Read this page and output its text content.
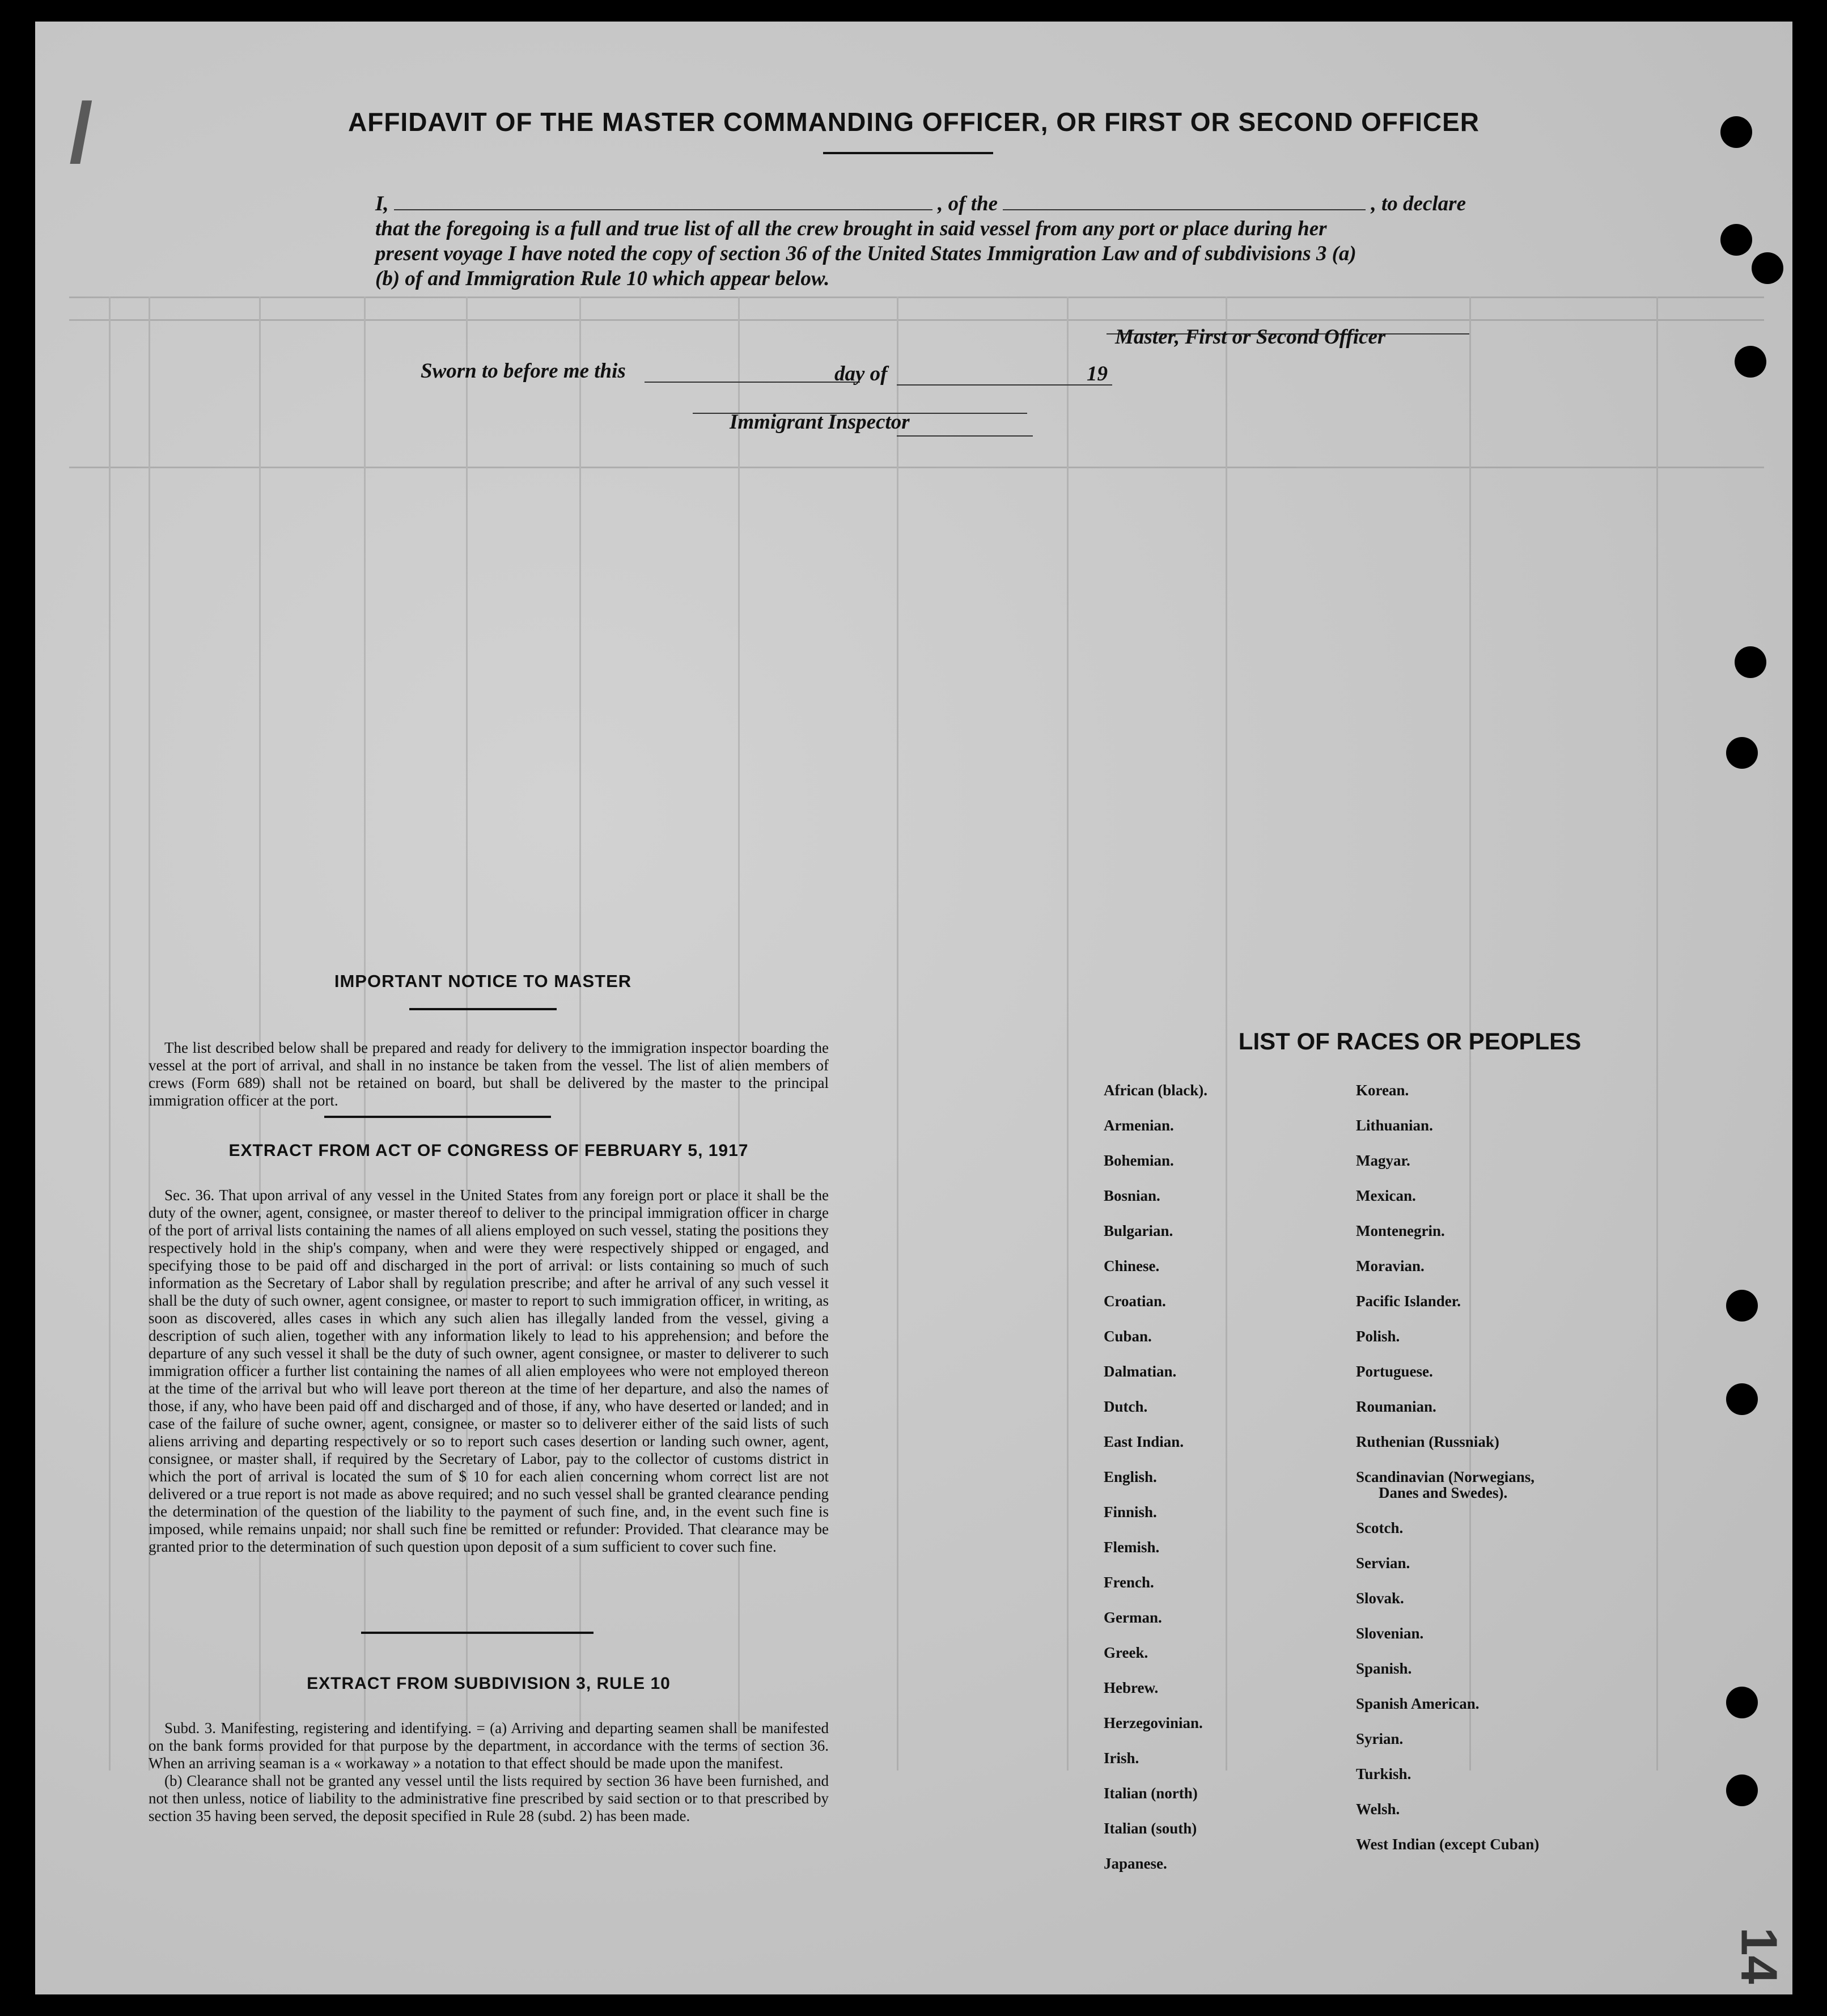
/	AFFIDAVIT OF THE MASTER COMMANDING OFFICER, OR FIRST OR SECOND OFFICER
I,	, of the	, to declare
that the foregoing is a full and true list of all the crew brought in said vessel from any port or place during her
present voyage I have noted the copy of section 36 of the United States Immigration Law and of subdivisions 3 (a)
(b) of and Immigration Rule 10 which appear below.
Master, First or Second Officer
Sworn to before me this	day of	19
Immigrant Inspector
IMPORTANT NOTICE TO MASTER

The list described below shall be prepared and ready for delivery to the immigration inspector boarding the vessel at the port of arrival, and shall in no instance be taken from the vessel. The list of alien members of crews (Form 689) shall not be retained on board, but shall be delivered by the master to the principal immigration officer at the port.

EXTRACT FROM ACT OF CONGRESS OF FEBRUARY 5, 1917

Sec. 36. That upon arrival of any vessel in the United States from any foreign port or place it shall be the duty of the owner, agent, consignee, or master thereof to deliver to the principal immigration officer in charge of the port of arrival lists containing the names of all aliens employed on such vessel, stating the positions they respectively hold in the ship's company, when and were they were respectively shipped or engaged, and specifying those to be paid off and discharged in the port of arrival: or lists containing so much of such information as the Secretary of Labor shall by regulation prescribe; and after he arrival of any such vessel it shall be the duty of such owner, agent consignee, or master to report to such immigration officer, in writing, as soon as discovered, alles cases in which any such alien has illegally landed from the vessel, giving a description of such alien, together with any information likely to lead to his apprehension; and before the departure of any such vessel it shall be the duty of such owner, agent consignee, or master to deliverer to such immigration officer a further list containing the names of all alien employees who were not employed thereon at the time of the arrival but who will leave port thereon at the time of her departure, and also the names of those, if any, who have been paid off and discharged and of those, if any, who have deserted or landed; and in case of the failure of suche owner, agent, consignee, or master so to deliverer either of the said lists of such aliens arriving and departing respectively or so to report such cases desertion or landing such owner, agent, consignee, or master shall, if required by the Secretary of Labor, pay to the collector of customs district in which the port of arrival is located the sum of $ 10 for each alien concerning whom correct list are not delivered or a true report is not made as above required; and no such vessel shall be granted clearance pending the determination of the question of the liability to the payment of such fine, and, in the event such fine is imposed, while remains unpaid; nor shall such fine be remitted or refunder: Provided. That clearance may be granted prior to the determination of such question upon deposit of a sum sufficient to cover such fine.

EXTRACT FROM SUBDIVISION 3, RULE 10

Subd. 3. Manifesting, registering and identifying. = (a) Arriving and departing seamen shall be manifested on the bank forms provided for that purpose by the department, in accordance with the terms of section 36. When an arriving seaman is a « workaway » a notation to that effect should be made upon the manifest.

(b) Clearance shall not be granted any vessel until the lists required by section 36 have been furnished, and not then unless, notice of liability to the administrative fine prescribed by said section or to that prescribed by section 35 having been served, the deposit specified in Rule 28 (subd. 2) has been made.

LIST OF RACES OR PEOPLES
African (black).
Armenian.
Bohemian.
Bosnian.
Bulgarian.
Chinese.
Croatian.
Cuban.
Dalmatian.
Dutch.
East Indian.
English.
Finnish.
Flemish.
French.
German.
Greek.
Hebrew.
Herzegovinian.
Irish.
Italian (north)
Italian (south)
Japanese.
Korean.
Lithuanian.
Magyar.
Mexican.
Montenegrin.
Moravian.
Pacific Islander.
Polish.
Portuguese.
Roumanian.
Ruthenian (Russniak)
Scandinavian (Norwegians,
Danes and Swedes).
Scotch.
Servian.
Slovak.
Slovenian.
Spanish.
Spanish American.
Syrian.
Turkish.
Welsh.
West Indian (except Cuban)
14
